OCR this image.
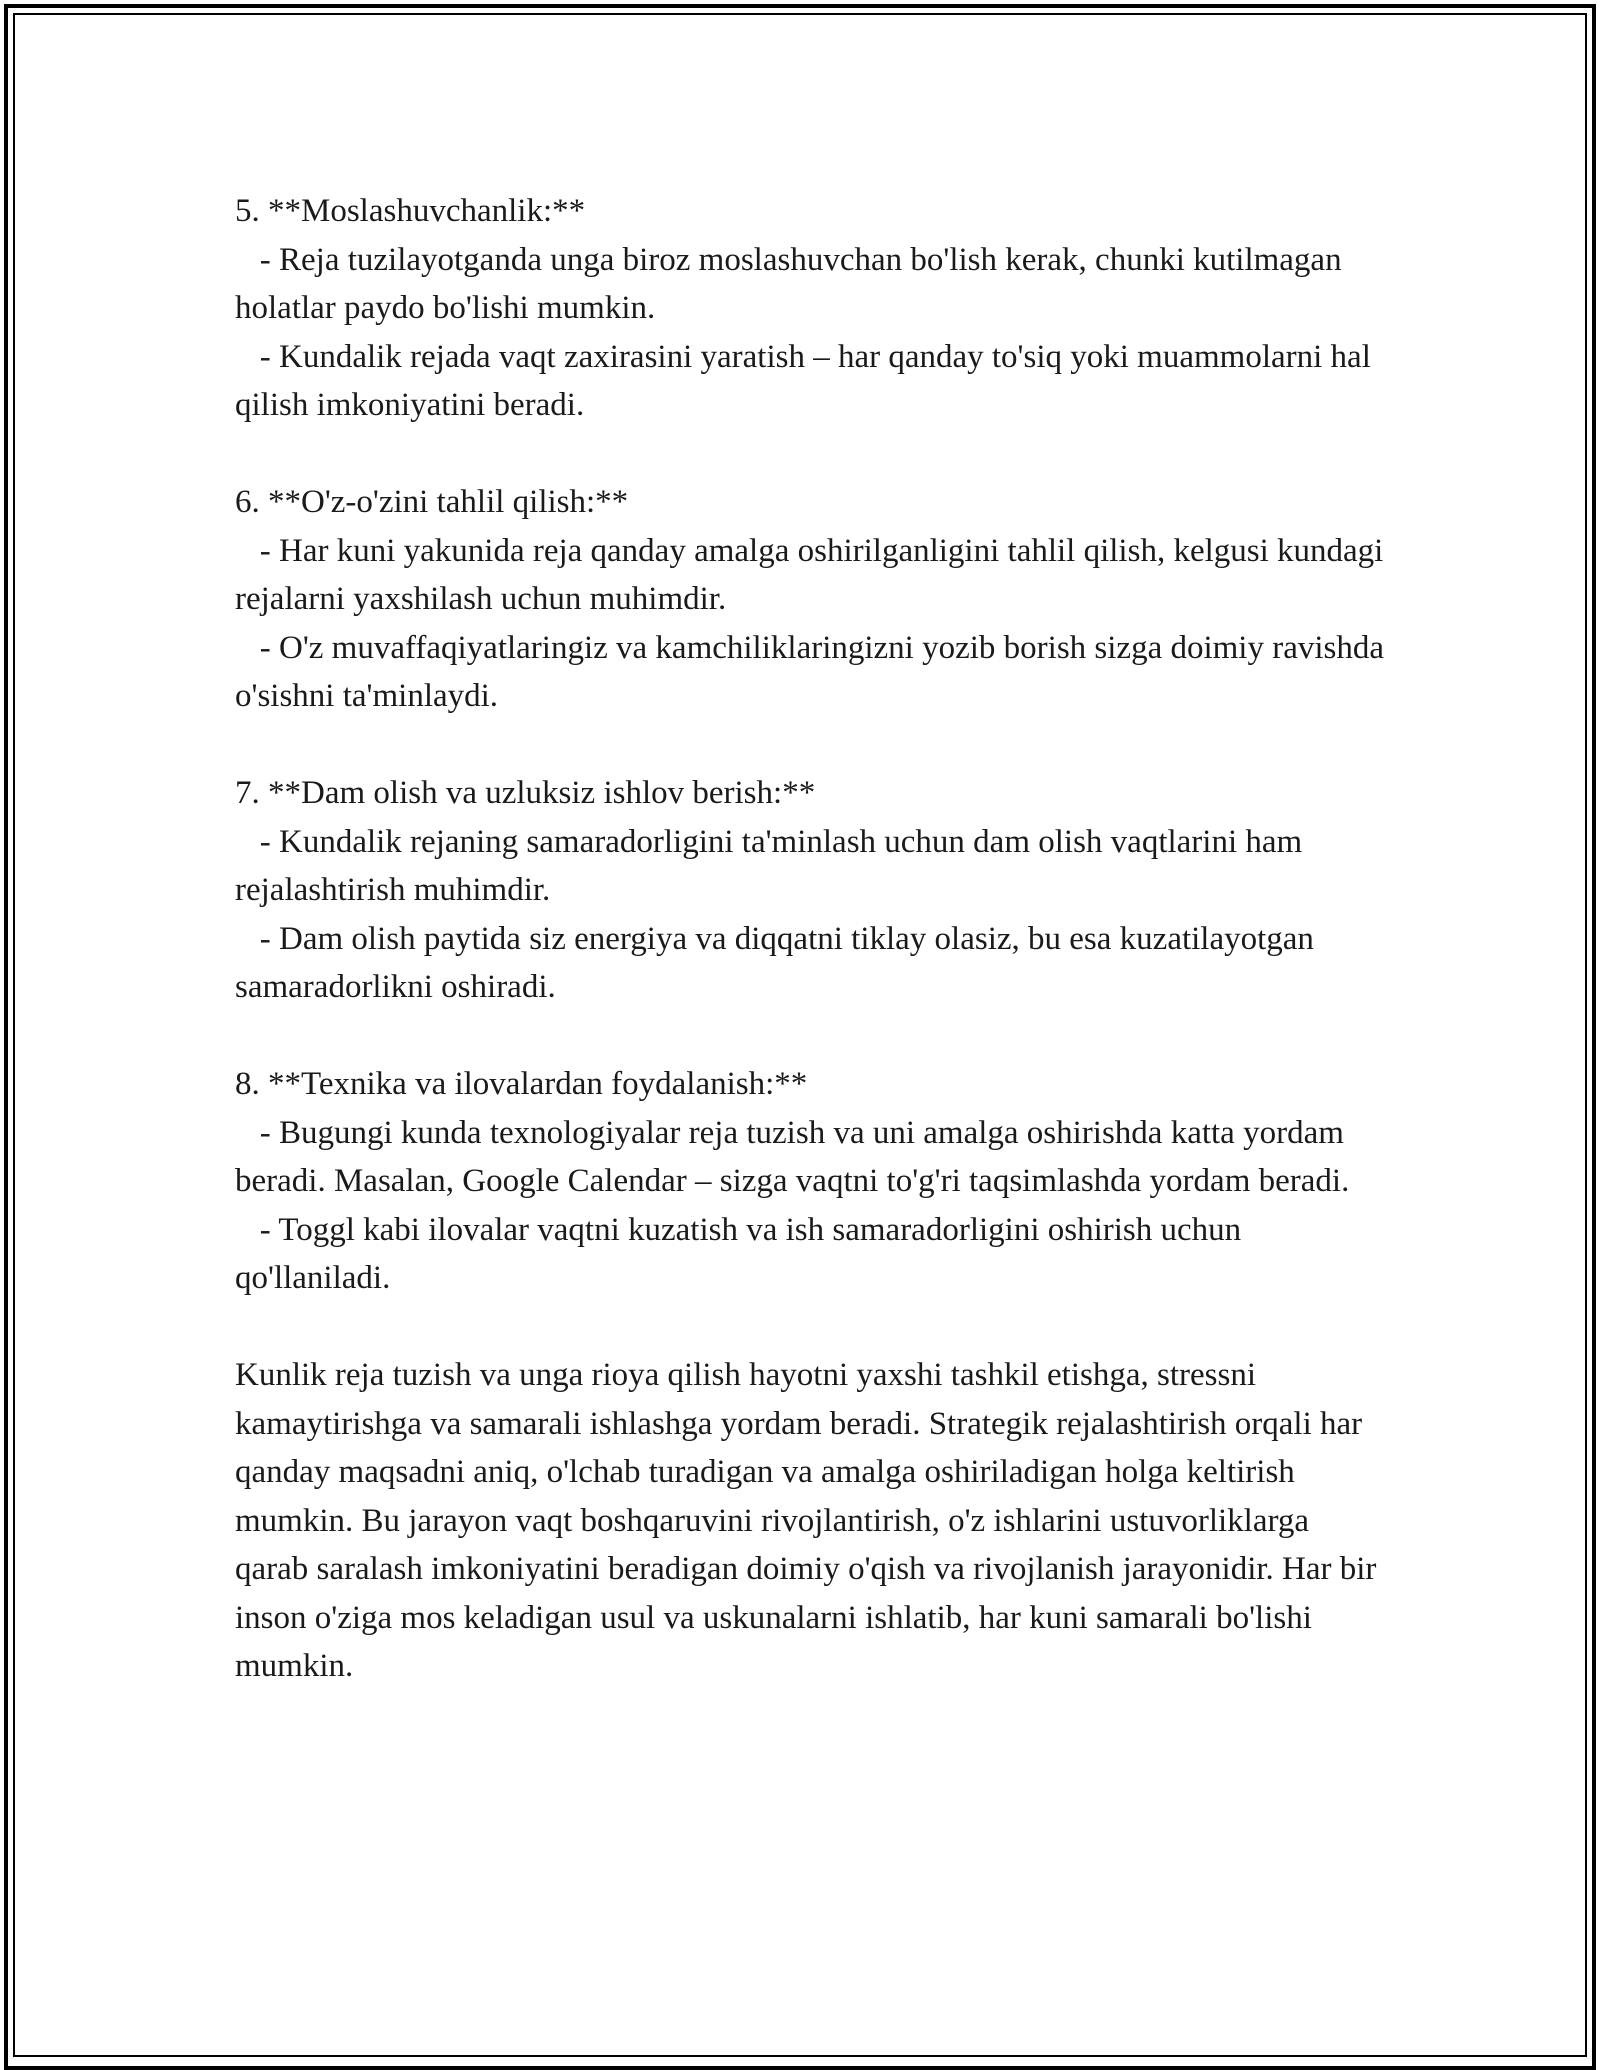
5. **Moslashuvchanlik:**
- Reja tuzilayotganda unga biroz moslashuvchan bo'lish kerak, chunki kutilmagan holatlar paydo bo'lishi mumkin.
- Kundalik rejada vaqt zaxirasini yaratish – har qanday to'siq yoki muammolarni hal qilish imkoniyatini beradi.
6. **O'z-o'zini tahlil qilish:**
- Har kuni yakunida reja qanday amalga oshirilganligini tahlil qilish, kelgusi kundagi rejalarni yaxshilash uchun muhimdir.
- O'z muvaffaqiyatlaringiz va kamchiliklaringizni yozib borish sizga doimiy ravishda o'sishni ta'minlaydi.
7. **Dam olish va uzluksiz ishlov berish:**
- Kundalik rejaning samaradorligini ta'minlash uchun dam olish vaqtlarini ham rejalashtirish muhimdir.
- Dam olish paytida siz energiya va diqqatni tiklay olasiz, bu esa kuzatilayotgan samaradorlikni oshiradi.
8. **Texnika va ilovalardan foydalanish:**
- Bugungi kunda texnologiyalar reja tuzish va uni amalga oshirishda katta yordam beradi. Masalan, Google Calendar – sizga vaqtni to'g'ri taqsimlashda yordam beradi.
- Toggl kabi ilovalar vaqtni kuzatish va ish samaradorligini oshirish uchun qo'llaniladi.
Kunlik reja tuzish va unga rioya qilish hayotni yaxshi tashkil etishga, stressni kamaytirishga va samarali ishlashga yordam beradi. Strategik rejalashtirish orqali har qanday maqsadni aniq, o'lchab turadigan va amalga oshiriladigan holga keltirish mumkin. Bu jarayon vaqt boshqaruvini rivojlantirish, o'z ishlarini ustuvorliklarga qarab saralash imkoniyatini beradigan doimiy o'qish va rivojlanish jarayonidir. Har bir inson o'ziga mos keladigan usul va uskunalarni ishlatib, har kuni samarali bo'lishi mumkin.
